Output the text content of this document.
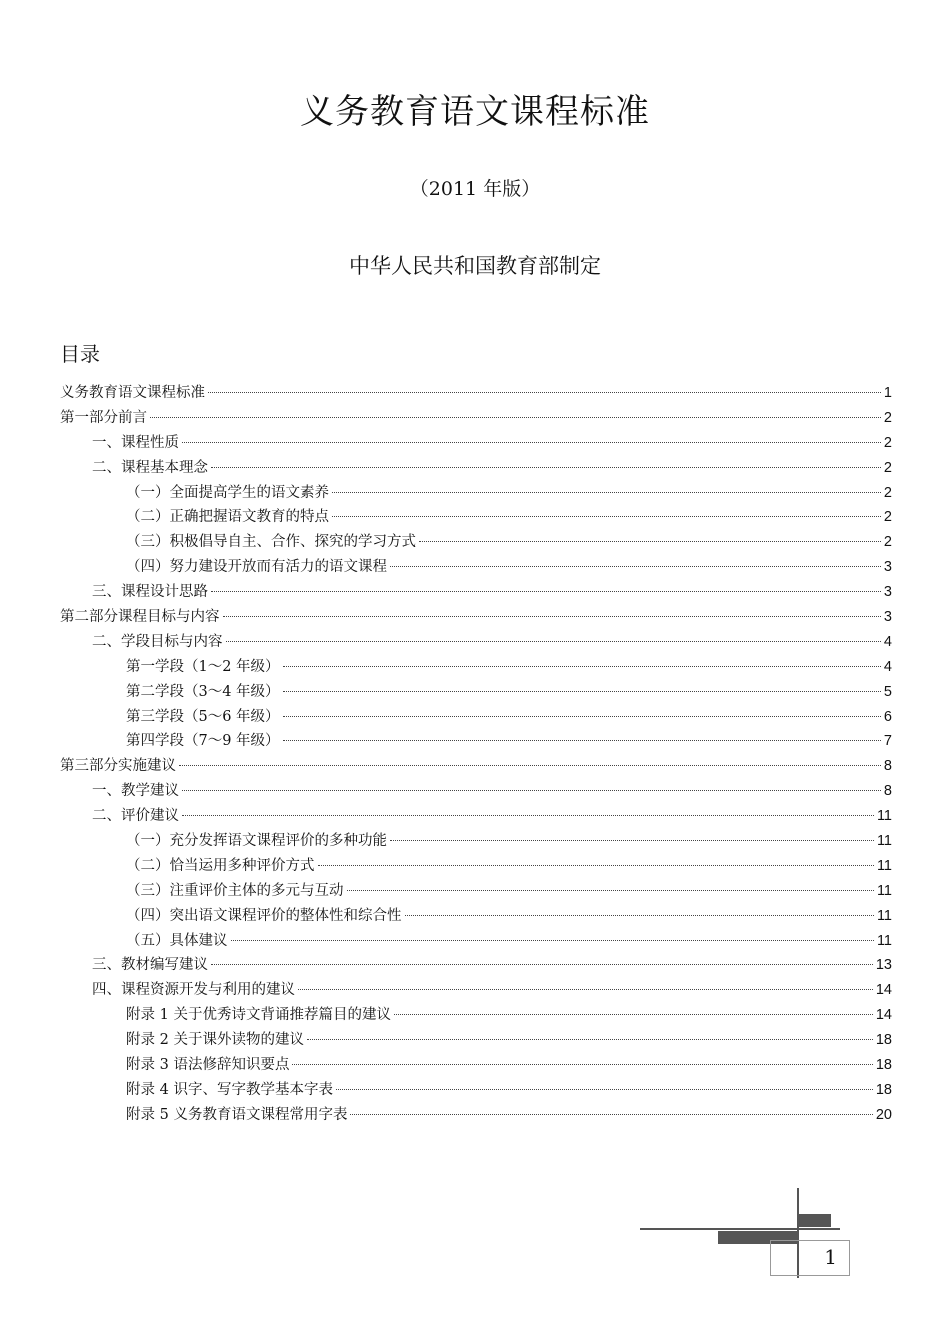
义务教育语文课程标准
（2011 年版）
中华人民共和国教育部制定
目录
义务教育语文课程标准	1
第一部分前言	2
一、课程性质	2
二、课程基本理念	2
（一）全面提高学生的语文素养	2
（二）正确把握语文教育的特点	2
（三）积极倡导自主、合作、探究的学习方式	2
（四）努力建设开放而有活力的语文课程	3
三、课程设计思路	3
第二部分课程目标与内容	3
二、学段目标与内容	4
第一学段（1～2 年级）	4
第二学段（3～4 年级）	5
第三学段（5～6 年级）	6
第四学段（7～9 年级）	7
第三部分实施建议	8
一、教学建议	8
二、评价建议	11
（一）充分发挥语文课程评价的多种功能	11
（二）恰当运用多种评价方式	11
（三）注重评价主体的多元与互动	11
（四）突出语文课程评价的整体性和综合性	11
（五）具体建议	11
三、教材编写建议	13
四、课程资源开发与利用的建议	14
附录 1 关于优秀诗文背诵推荐篇目的建议	14
附录 2 关于课外读物的建议	18
附录 3 语法修辞知识要点	18
附录 4 识字、写字教学基本字表	18
附录 5 义务教育语文课程常用字表	20
1
